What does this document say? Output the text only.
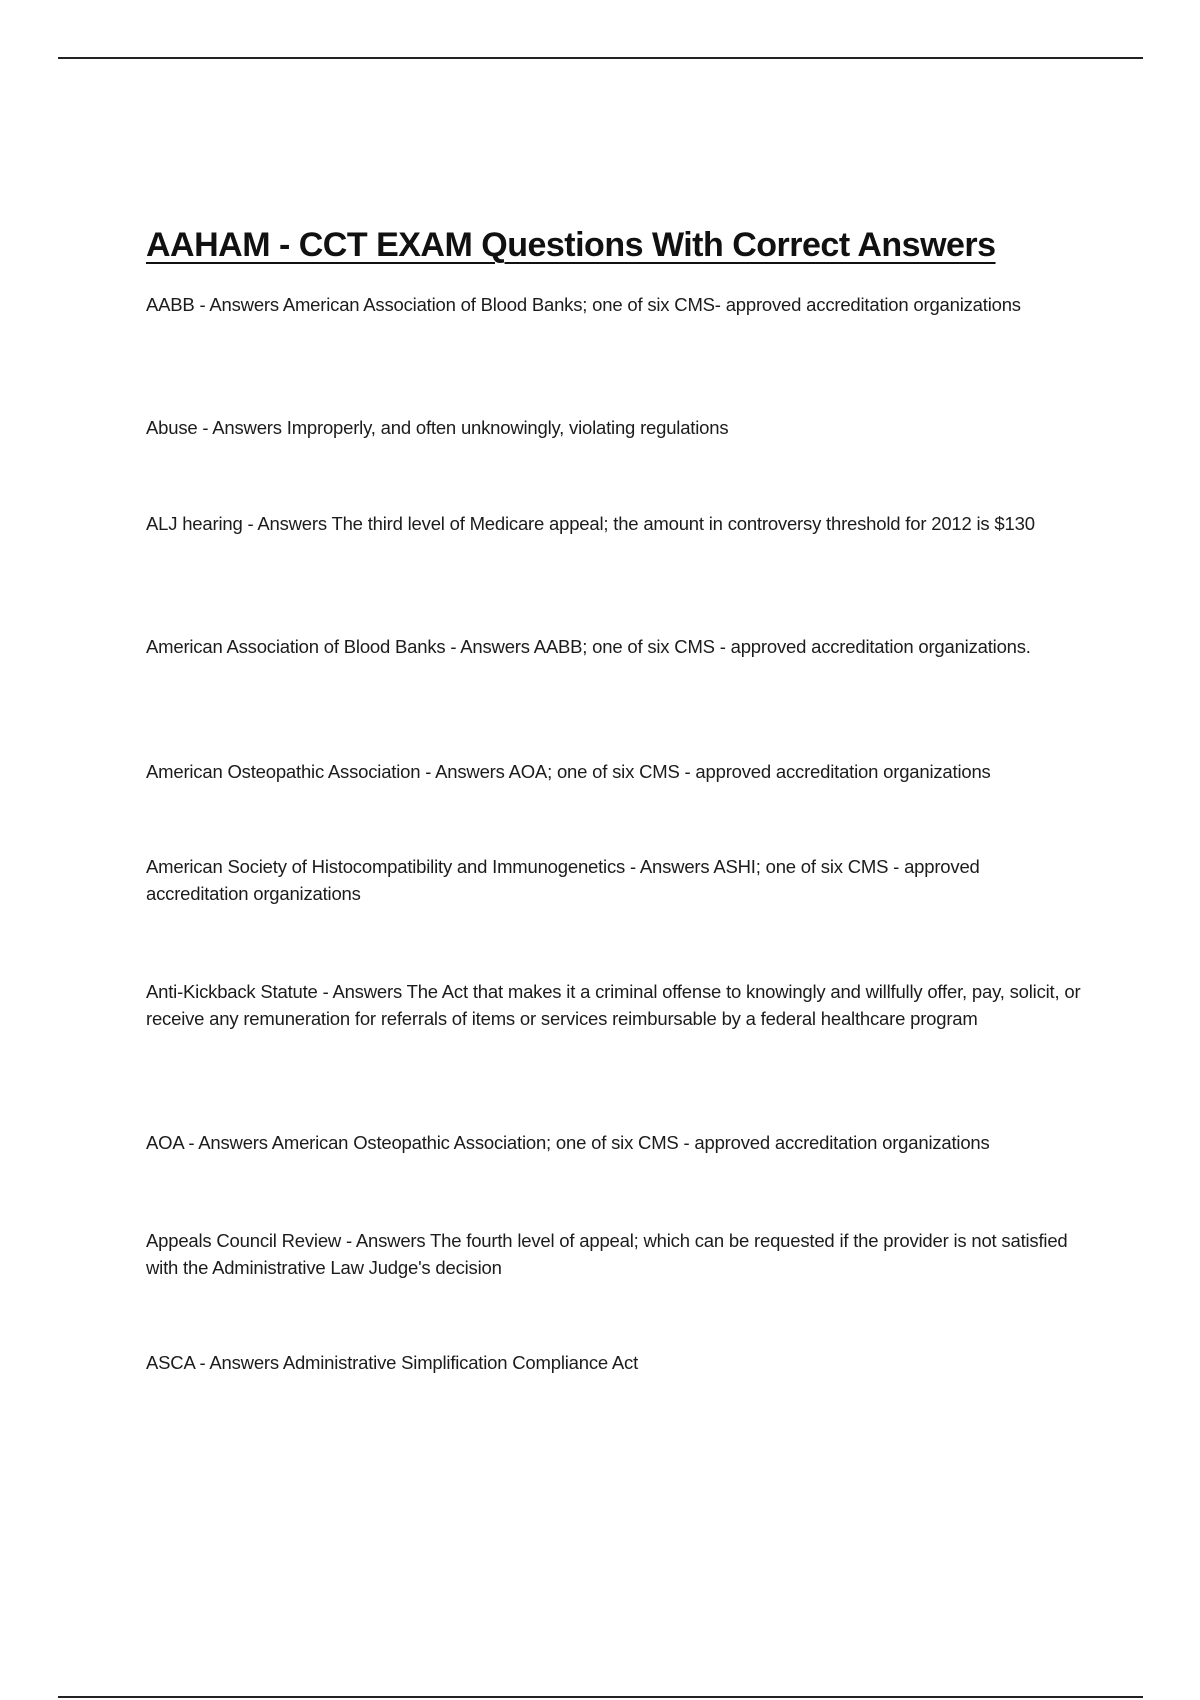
AAHAM - CCT EXAM Questions With Correct Answers

AABB - Answers American Association of Blood Banks; one of six CMS- approved accreditation organizations

Abuse - Answers Improperly, and often unknowingly, violating regulations

ALJ hearing - Answers The third level of Medicare appeal; the amount in controversy threshold for 2012 is $130

American Association of Blood Banks - Answers AABB; one of six CMS - approved accreditation organizations.

American Osteopathic Association - Answers AOA; one of six CMS - approved accreditation organizations

American Society of Histocompatibility and Immunogenetics - Answers ASHI; one of six CMS - approved accreditation organizations

Anti-Kickback Statute - Answers The Act that makes it a criminal offense to knowingly and willfully offer, pay, solicit, or receive any remuneration for referrals of items or services reimbursable by a federal healthcare program

AOA - Answers American Osteopathic Association; one of six CMS - approved accreditation organizations

Appeals Council Review - Answers The fourth level of appeal; which can be requested if the provider is not satisfied with the Administrative Law Judge's decision

ASCA - Answers Administrative Simplification Compliance Act
